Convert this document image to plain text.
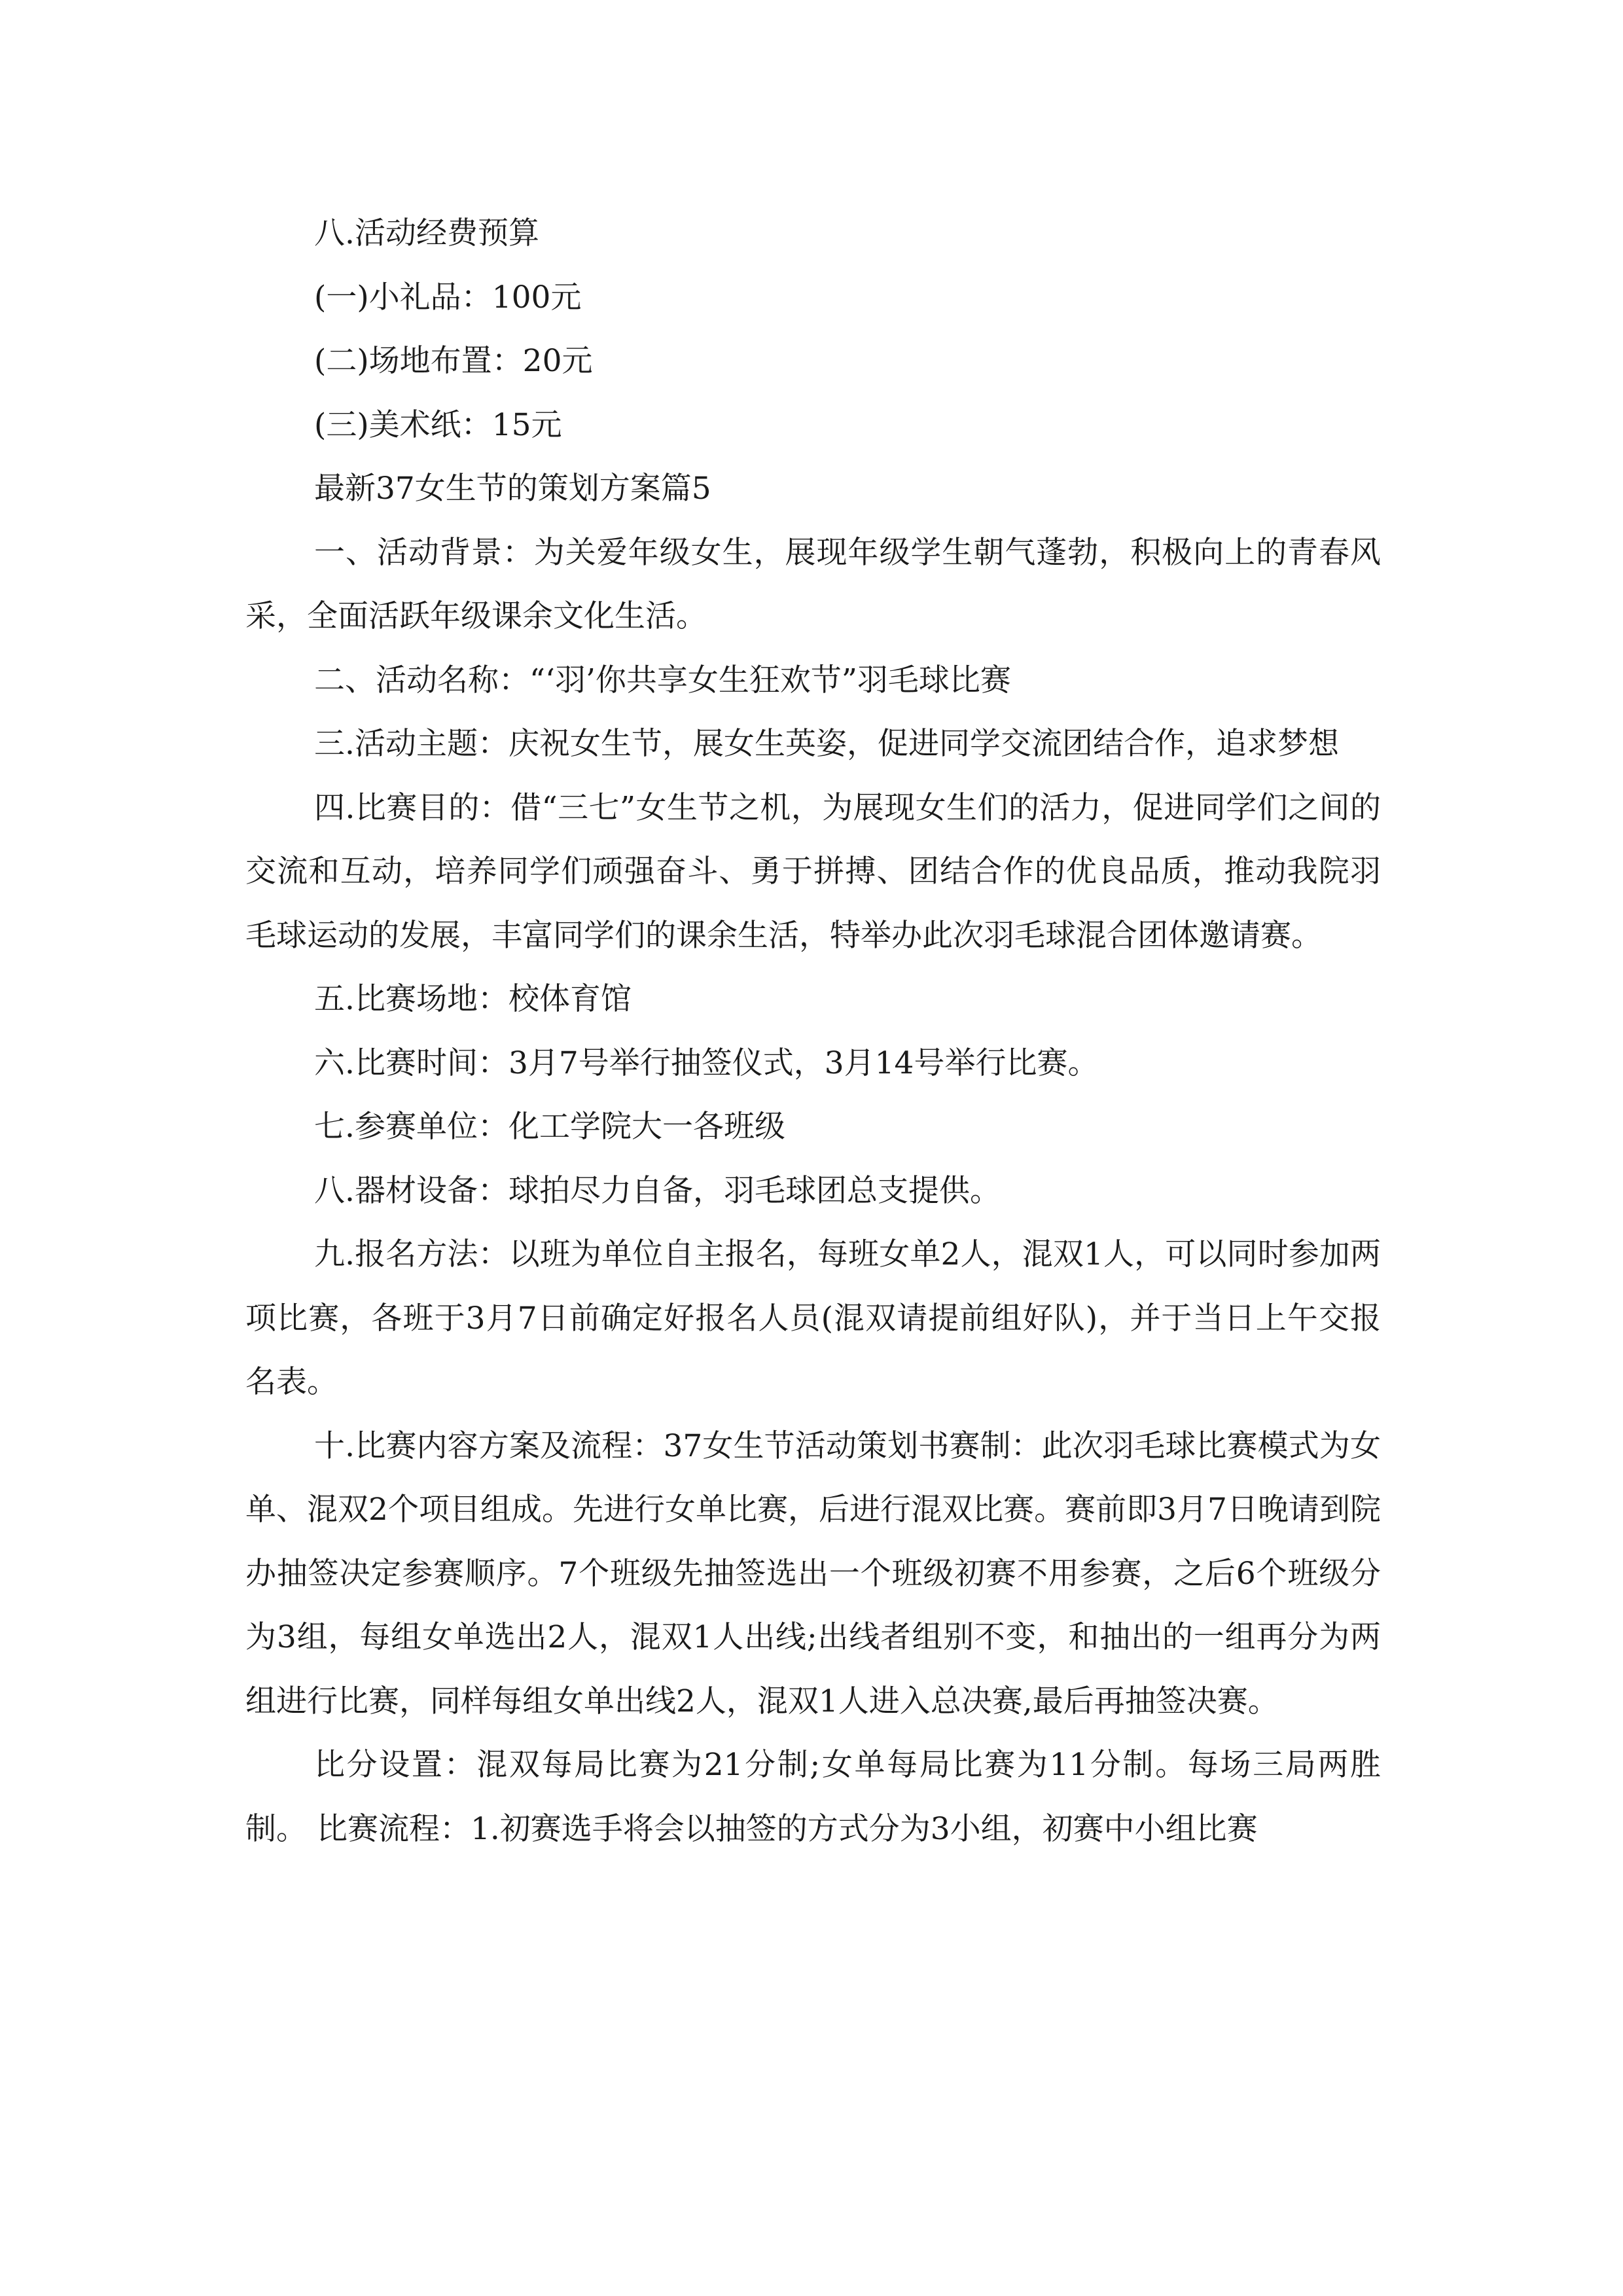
八.活动经费预算

(一)小礼品：100元

(二)场地布置：20元

(三)美术纸：15元

最新37女生节的策划方案篇5

一、活动背景：为关爱年级女生，展现年级学生朝气蓬勃，积极向上的青春风采，全面活跃年级课余文化生活。

二、活动名称：“‘羽’你共享女生狂欢节”羽毛球比赛

三.活动主题：庆祝女生节，展女生英姿，促进同学交流团结合作，追求梦想

四.比赛目的：借“三七”女生节之机，为展现女生们的活力，促进同学们之间的交流和互动，培养同学们顽强奋斗、勇于拼搏、团结合作的优良品质，推动我院羽毛球运动的发展，丰富同学们的课余生活，特举办此次羽毛球混合团体邀请赛。

五.比赛场地：校体育馆

六.比赛时间：3月7号举行抽签仪式，3月14号举行比赛。

七.参赛单位：化工学院大一各班级

八.器材设备：球拍尽力自备，羽毛球团总支提供。

九.报名方法：以班为单位自主报名，每班女单2人，混双1人，可以同时参加两项比赛，各班于3月7日前确定好报名人员(混双请提前组好队)，并于当日上午交报名表。

十.比赛内容方案及流程：37女生节活动策划书赛制：此次羽毛球比赛模式为女单、混双2个项目组成。先进行女单比赛，后进行混双比赛。赛前即3月7日晚请到院办抽签决定参赛顺序。7个班级先抽签选出一个班级初赛不用参赛，之后6个班级分为3组，每组女单选出2人，混双1人出线;出线者组别不变，和抽出的一组再分为两组进行比赛，同样每组女单出线2人，混双1人进入总决赛,最后再抽签决赛。

比分设置：混双每局比赛为21分制;女单每局比赛为11分制。每场三局两胜制。 比赛流程：1.初赛选手将会以抽签的方式分为3小组，初赛中小组比赛
